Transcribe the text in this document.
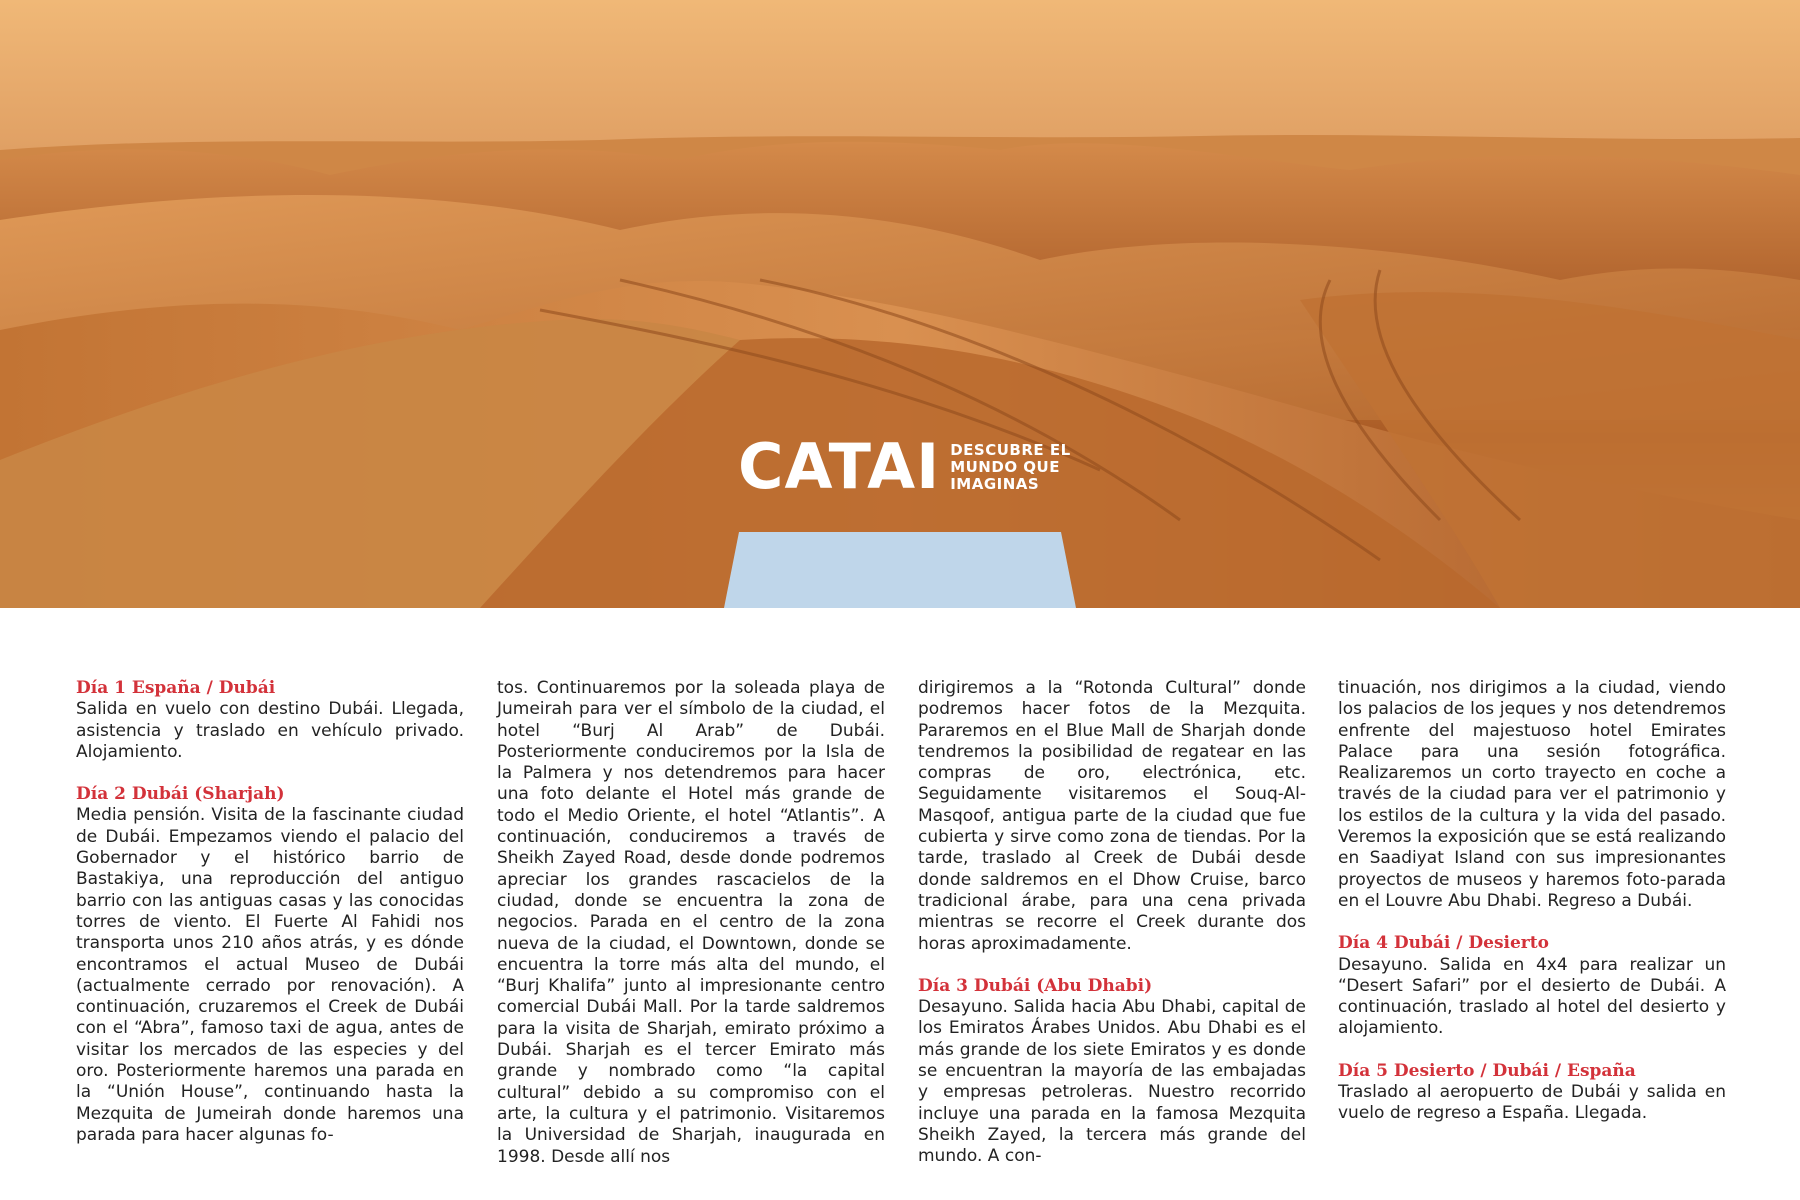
CATAI DESCUBRE EL
MUNDO QUE
IMAGINAS
Día 1 España / Dubái

Salida en vuelo con destino Dubái. Llegada, asistencia y traslado en vehículo privado. Alojamiento.

Día 2 Dubái (Sharjah)

Media pensión. Visita de la fascinante ciudad de Dubái. Empezamos viendo el palacio del Gobernador y el histórico barrio de Bastakiya, una reproducción del antiguo barrio con las antiguas casas y las conocidas torres de viento. El Fuerte Al Fahidi nos transporta unos 210 años atrás, y es dónde encontramos el actual Museo de Dubái (actualmente cerrado por renovación). A continuación, cruzaremos el Creek de Dubái con el “Abra”, famoso taxi de agua, antes de visitar los mercados de las especies y del oro. Posteriormente haremos una parada en la “Unión House”, continuando hasta la Mezquita de Jumeirah donde haremos una parada para hacer algunas fo-

tos. Continuaremos por la soleada playa de Jumeirah para ver el símbolo de la ciudad, el hotel “Burj Al Arab” de Dubái. Posteriormente conduciremos por la Isla de la Palmera y nos detendremos para hacer una foto delante el Hotel más grande de todo el Medio Oriente, el hotel “Atlantis”. A continuación, conduciremos a través de Sheikh Zayed Road, desde donde podremos apreciar los grandes rascacielos de la ciudad, donde se encuentra la zona de negocios. Parada en el centro de la zona nueva de la ciudad, el Downtown, donde se encuentra la torre más alta del mundo, el “Burj Khalifa” junto al impresionante centro comercial Dubái Mall. Por la tarde saldremos para la visita de Sharjah, emirato próximo a Dubái. Sharjah es el tercer Emirato más grande y nombrado como “la capital cultural” debido a su compromiso con el arte, la cultura y el patrimonio. Visitaremos la Universidad de Sharjah, inaugurada en 1998. Desde allí nos

dirigiremos a la “Rotonda Cultural” donde podremos hacer fotos de la Mezquita. Pararemos en el Blue Mall de Sharjah donde tendremos la posibilidad de regatear en las compras de oro, electrónica, etc. Seguidamente visitaremos el Souq-Al-Masqoof, antigua parte de la ciudad que fue cubierta y sirve como zona de tiendas. Por la tarde, traslado al Creek de Dubái desde donde saldremos en el Dhow Cruise, barco tradicional árabe, para una cena privada mientras se recorre el Creek durante dos horas aproximadamente.

Día 3 Dubái (Abu Dhabi)

Desayuno. Salida hacia Abu Dhabi, capital de los Emiratos Árabes Unidos. Abu Dhabi es el más grande de los siete Emiratos y es donde se encuentran la mayoría de las embajadas y empresas petroleras. Nuestro recorrido incluye una parada en la famosa Mezquita Sheikh Zayed, la tercera más grande del mundo. A con-

tinuación, nos dirigimos a la ciudad, viendo los palacios de los jeques y nos detendremos enfrente del majestuoso hotel Emirates Palace para una sesión fotográfica. Realizaremos un corto trayecto en coche a través de la ciudad para ver el patrimonio y los estilos de la cultura y la vida del pasado. Veremos la exposición que se está realizando en Saadiyat Island con sus impresionantes proyectos de museos y haremos foto-parada en el Louvre Abu Dhabi. Regreso a Dubái.

Día 4 Dubái / Desierto

Desayuno. Salida en 4x4 para realizar un “Desert Safari” por el desierto de Dubái. A continuación, traslado al hotel del desierto y alojamiento.

Día 5 Desierto / Dubái / España

Traslado al aeropuerto de Dubái y salida en vuelo de regreso a España. Llegada.
